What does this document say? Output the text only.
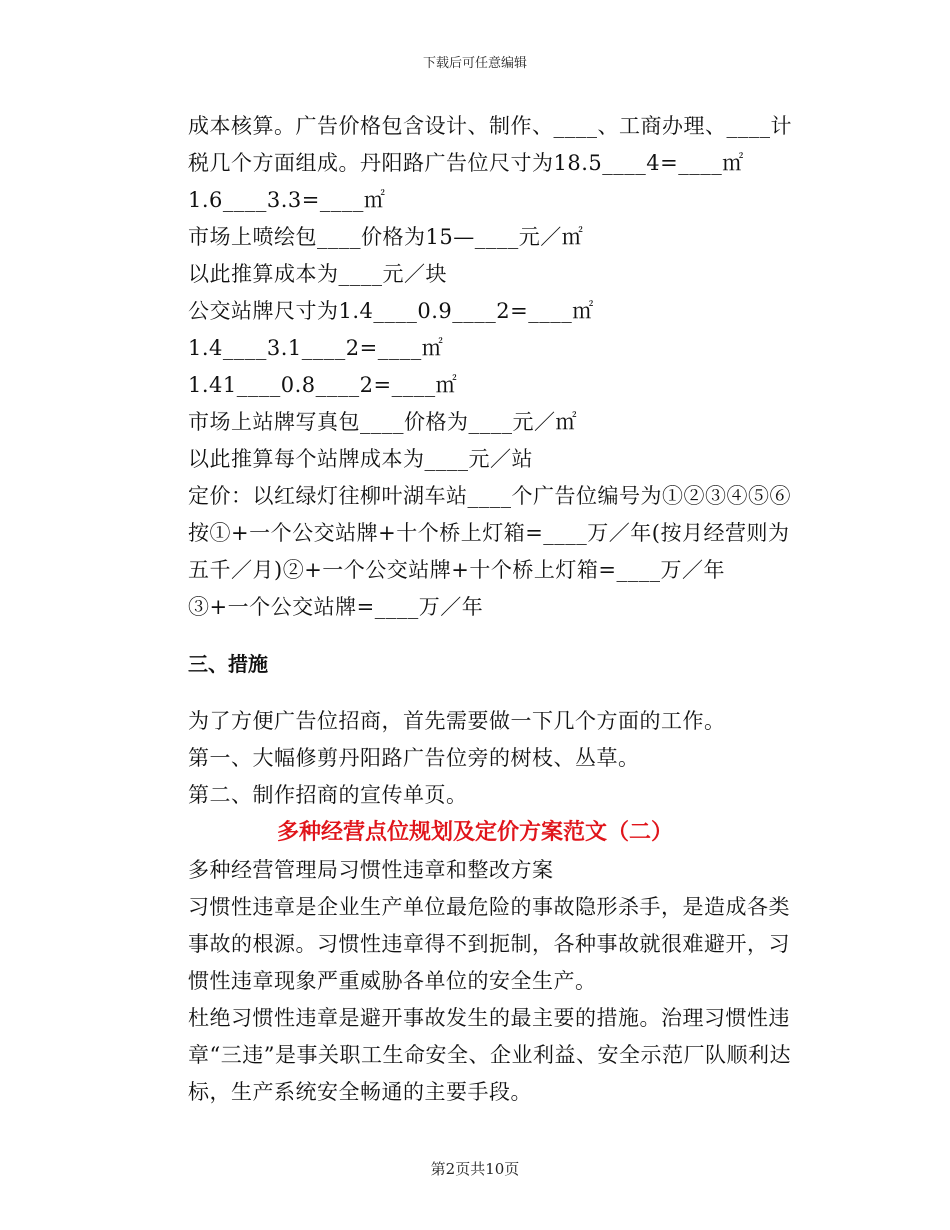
下载后可任意编辑

成本核算。广告价格包含设计、制作、____、工商办理、____计税几个方面组成。丹阳路广告位尺寸为18.5____4=____㎡

1.6____3.3=____㎡

市场上喷绘包____价格为15—____元／㎡

以此推算成本为____元／块

公交站牌尺寸为1.4____0.9____2=____㎡

1.4____3.1____2=____㎡

1.41____0.8____2=____㎡

市场上站牌写真包____价格为____元／㎡

以此推算每个站牌成本为____元／站

定价：以红绿灯往柳叶湖车站____个广告位编号为①②③④⑤⑥

按①+一个公交站牌+十个桥上灯箱=____万／年(按月经营则为五千／月)②+一个公交站牌+十个桥上灯箱=____万／年

③+一个公交站牌=____万／年

三、措施

为了方便广告位招商，首先需要做一下几个方面的工作。

第一、大幅修剪丹阳路广告位旁的树枝、丛草。

第二、制作招商的宣传单页。

多种经营点位规划及定价方案范文（二）

多种经营管理局习惯性违章和整改方案

习惯性违章是企业生产单位最危险的事故隐形杀手，是造成各类事故的根源。习惯性违章得不到扼制，各种事故就很难避开，习惯性违章现象严重威胁各单位的安全生产。

杜绝习惯性违章是避开事故发生的最主要的措施。治理习惯性违章“三违”是事关职工生命安全、企业利益、安全示范厂队顺利达标，生产系统安全畅通的主要手段。

第2页共10页
